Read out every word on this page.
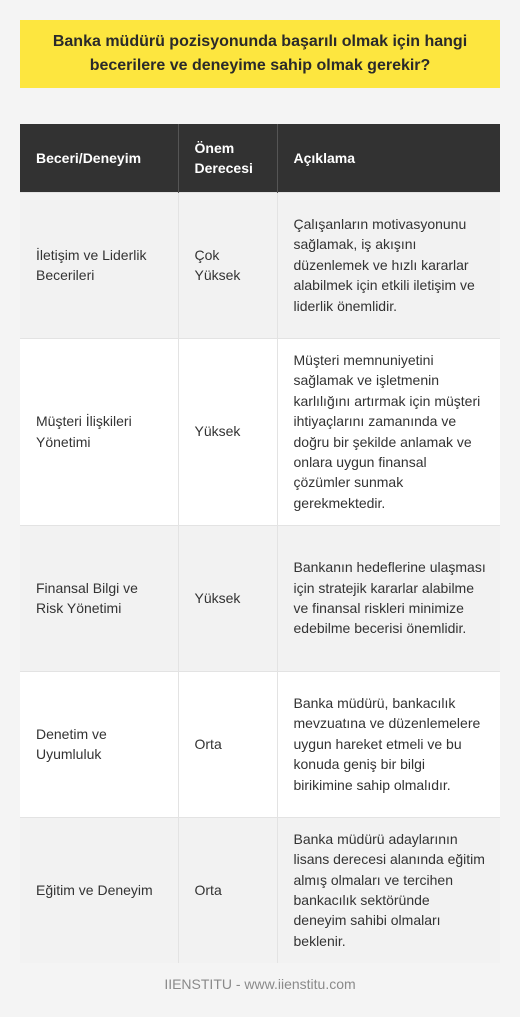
Banka müdürü pozisyonunda başarılı olmak için hangi becerilere ve deneyime sahip olmak gerekir?
Beceri/Deneyim	Önem Derecesi	Açıklama
İletişim ve Liderlik Becerileri	Çok Yüksek	Çalışanların motivasyonunu sağlamak, iş akışını düzenlemek ve hızlı kararlar alabilmek için etkili iletişim ve liderlik önemlidir.
Müşteri İlişkileri Yönetimi	Yüksek	Müşteri memnuniyetini sağlamak ve işletmenin karlılığını artırmak için müşteri ihtiyaçlarını zamanında ve doğru bir şekilde anlamak ve onlara uygun finansal çözümler sunmak gerekmektedir.
Finansal Bilgi ve Risk Yönetimi	Yüksek	Bankanın hedeflerine ulaşması için stratejik kararlar alabilme ve finansal riskleri minimize edebilme becerisi önemlidir.
Denetim ve Uyumluluk	Orta	Banka müdürü, bankacılık mevzuatına ve düzenlemelere uygun hareket etmeli ve bu konuda geniş bir bilgi birikimine sahip olmalıdır.
Eğitim ve Deneyim	Orta	Banka müdürü adaylarının lisans derecesi alanında eğitim almış olmaları ve tercihen bankacılık sektöründe deneyim sahibi olmaları beklenir.
IIENSTITU - www.iienstitu.com
